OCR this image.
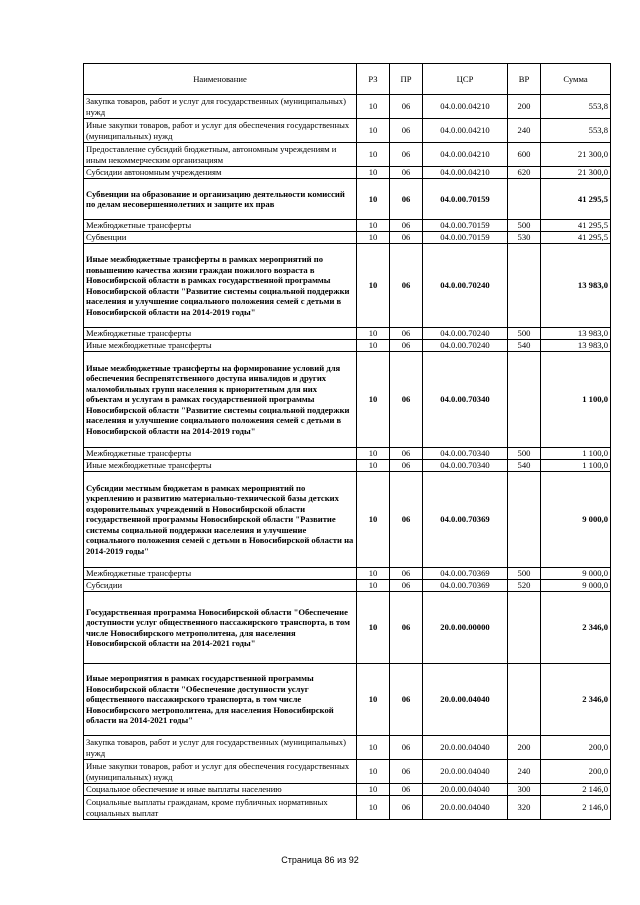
Наименование	РЗ	ПР	ЦСР	ВР	Сумма
Закупка товаров, работ и услуг для государственных (муниципальных) нужд	10	06	04.0.00.04210	200	553,8
Иные закупки товаров, работ и услуг для обеспечения государственных (муниципальных) нужд	10	06	04.0.00.04210	240	553,8
Предоставление субсидий бюджетным, автономным учреждениям и иным некоммерческим организациям	10	06	04.0.00.04210	600	21 300,0
Субсидии автономным учреждениям	10	06	04.0.00.04210	620	21 300,0
Субвенции на образование и организацию деятельности комиссий по делам несовершеннолетних и защите их прав	10	06	04.0.00.70159		41 295,5
Межбюджетные трансферты	10	06	04.0.00.70159	500	41 295,5
Субвенции	10	06	04.0.00.70159	530	41 295,5
Иные межбюджетные трансферты в рамках мероприятий по повышению качества жизни граждан пожилого возраста в Новосибирской области в рамках государственной программы Новосибирской области "Развитие системы социальной поддержки населения и улучшение социального положения семей с детьми в Новосибирской области на 2014-2019 годы"	10	06	04.0.00.70240		13 983,0
Межбюджетные трансферты	10	06	04.0.00.70240	500	13 983,0
Иные межбюджетные трансферты	10	06	04.0.00.70240	540	13 983,0
Иные межбюджетные трансферты на формирование условий для обеспечения беспрепятственного доступа инвалидов и других маломобильных групп населения к приоритетным для них объектам и услугам в рамках государственной программы Новосибирской области "Развитие системы социальной поддержки населения и улучшение социального положения семей с детьми в Новосибирской области на 2014-2019 годы"	10	06	04.0.00.70340		1 100,0
Межбюджетные трансферты	10	06	04.0.00.70340	500	1 100,0
Иные межбюджетные трансферты	10	06	04.0.00.70340	540	1 100,0
Субсидии местным бюджетам в рамках мероприятий по укреплению и развитию материально-технической базы детских оздоровительных учреждений в Новосибирской области государственной программы Новосибирской области "Развитие системы социальной поддержки населения и улучшение социального положения семей с детьми в Новосибирской области на 2014-2019 годы"	10	06	04.0.00.70369		9 000,0
Межбюджетные трансферты	10	06	04.0.00.70369	500	9 000,0
Субсидии	10	06	04.0.00.70369	520	9 000,0
Государственная программа Новосибирской области "Обеспечение доступности услуг общественного пассажирского транспорта, в том числе Новосибирского метрополитена, для населения Новосибирской области на 2014-2021 годы"	10	06	20.0.00.00000		2 346,0
Иные мероприятия в рамках государственной программы Новосибирской области "Обеспечение доступности услуг общественного пассажирского транспорта, в том числе Новосибирского метрополитена, для населения Новосибирской области на 2014-2021 годы"	10	06	20.0.00.04040		2 346,0
Закупка товаров, работ и услуг для государственных (муниципальных) нужд	10	06	20.0.00.04040	200	200,0
Иные закупки товаров, работ и услуг для обеспечения государственных (муниципальных) нужд	10	06	20.0.00.04040	240	200,0
Социальное обеспечение и иные выплаты населению	10	06	20.0.00.04040	300	2 146,0
Социальные выплаты гражданам, кроме публичных нормативных социальных выплат	10	06	20.0.00.04040	320	2 146,0
Страница 86 из 92
